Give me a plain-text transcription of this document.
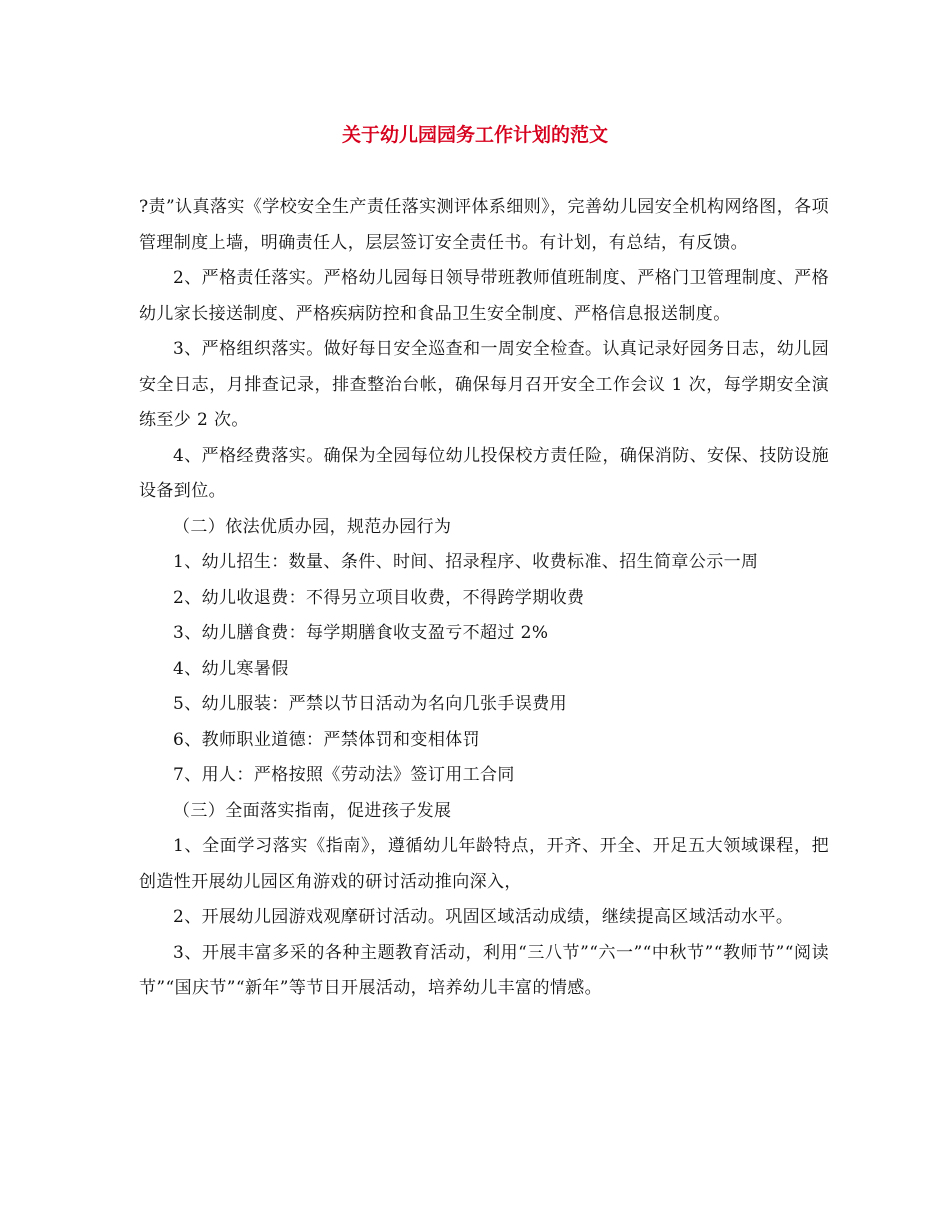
关于幼儿园园务工作计划的范文

?责”认真落实《学校安全生产责任落实测评体系细则》，完善幼儿园安全机构网络图，各项管理制度上墙，明确责任人，层层签订安全责任书。有计划，有总结，有反馈。

2、严格责任落实。严格幼儿园每日领导带班教师值班制度、严格门卫管理制度、严格幼儿家长接送制度、严格疾病防控和食品卫生安全制度、严格信息报送制度。

3、严格组织落实。做好每日安全巡查和一周安全检查。认真记录好园务日志，幼儿园安全日志，月排查记录，排查整治台帐，确保每月召开安全工作会议 1 次，每学期安全演练至少 2 次。

4、严格经费落实。确保为全园每位幼儿投保校方责任险，确保消防、安保、技防设施设备到位。

（二）依法优质办园，规范办园行为

1、幼儿招生：数量、条件、时间、招录程序、收费标准、招生简章公示一周

2、幼儿收退费：不得另立项目收费，不得跨学期收费

3、幼儿膳食费：每学期膳食收支盈亏不超过 2%

4、幼儿寒暑假

5、幼儿服装：严禁以节日活动为名向几张手误费用

6、教师职业道德：严禁体罚和变相体罚

7、用人：严格按照《劳动法》签订用工合同

（三）全面落实指南，促进孩子发展

1、全面学习落实《指南》，遵循幼儿年龄特点，开齐、开全、开足五大领域课程，把创造性开展幼儿园区角游戏的研讨活动推向深入，

2、开展幼儿园游戏观摩研讨活动。巩固区域活动成绩，继续提高区域活动水平。

3、开展丰富多采的各种主题教育活动，利用“三八节”“六一”“中秋节”“教师节”“阅读节”“国庆节”“新年”等节日开展活动，培养幼儿丰富的情感。
